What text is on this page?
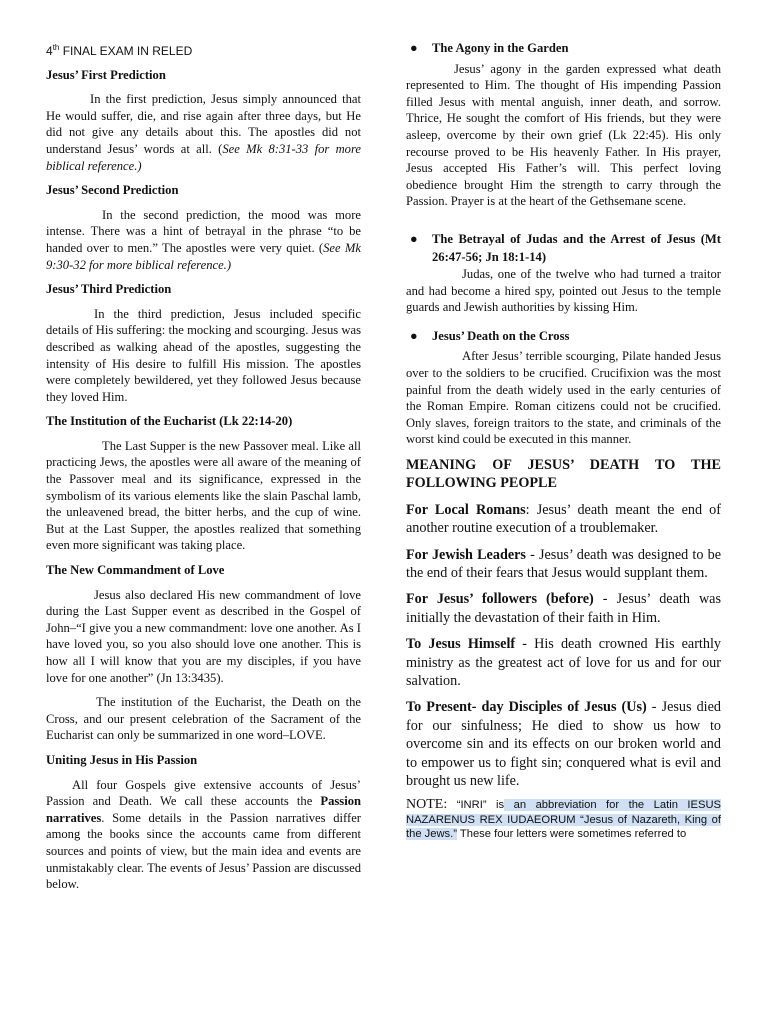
4th FINAL EXAM IN RELED

Jesus’ First Prediction

In the first prediction, Jesus simply announced that He would suffer, die, and rise again after three days, but He did not give any details about this. The apostles did not understand Jesus’ words at all. (See Mk 8:31-33 for more biblical reference.)

Jesus’ Second Prediction

In the second prediction, the mood was more intense. There was a hint of betrayal in the phrase “to be handed over to men.” The apostles were very quiet. (See Mk 9:30-32 for more biblical reference.)

Jesus’ Third Prediction

In the third prediction, Jesus included specific details of His suffering: the mocking and scourging. Jesus was described as walking ahead of the apostles, suggesting the intensity of His desire to fulfill His mission. The apostles were completely bewildered, yet they followed Jesus because they loved Him.

The Institution of the Eucharist (Lk 22:14-20)

The Last Supper is the new Passover meal. Like all practicing Jews, the apostles were all aware of the meaning of the Passover meal and its significance, expressed in the symbolism of its various elements like the slain Paschal lamb, the unleavened bread, the bitter herbs, and the cup of wine. But at the Last Supper, the apostles realized that something even more significant was taking place.

The New Commandment of Love

Jesus also declared His new commandment of love during the Last Supper event as described in the Gospel of John–“I give you a new commandment: love one another. As I have loved you, so you also should love one another. This is how all I will know that you are my disciples, if you have love for one another” (Jn 13:3435).

The institution of the Eucharist, the Death on the Cross, and our present celebration of the Sacrament of the Eucharist can only be summarized in one word–LOVE.

Uniting Jesus in His Passion

All four Gospels give extensive accounts of Jesus’ Passion and Death. We call these accounts the Passion narratives. Some details in the Passion narratives differ among the books since the accounts came from different sources and points of view, but the main idea and events are unmistakably clear. The events of Jesus’ Passion are discussed below.

● The Agony in the Garden

Jesus’ agony in the garden expressed what death represented to Him. The thought of His impending Passion filled Jesus with mental anguish, inner death, and sorrow. Thrice, He sought the comfort of His friends, but they were asleep, overcome by their own grief (Lk 22:45). His only recourse proved to be His heavenly Father. In His prayer, Jesus accepted His Father’s will. This perfect loving obedience brought Him the strength to carry through the Passion. Prayer is at the heart of the Gethsemane scene.

● The Betrayal of Judas and the Arrest of Jesus (Mt 26:47-56; Jn 18:1-14)

Judas, one of the twelve who had turned a traitor and had become a hired spy, pointed out Jesus to the temple guards and Jewish authorities by kissing Him.

● Jesus’ Death on the Cross

After Jesus’ terrible scourging, Pilate handed Jesus over to the soldiers to be crucified. Crucifixion was the most painful from the death widely used in the early centuries of the Roman Empire. Roman citizens could not be crucified. Only slaves, foreign traitors to the state, and criminals of the worst kind could be executed in this manner.

MEANING OF JESUS’ DEATH TO THE FOLLOWING PEOPLE

For Local Romans: Jesus’ death meant the end of another routine execution of a troublemaker.

For Jewish Leaders - Jesus’ death was designed to be the end of their fears that Jesus would supplant them.

For Jesus’ followers (before) - Jesus’ death was initially the devastation of their faith in Him.

To Jesus Himself - His death crowned His earthly ministry as the greatest act of love for us and for our salvation.

To Present- day Disciples of Jesus (Us) - Jesus died for our sinfulness; He died to show us how to overcome sin and its effects on our broken world and to empower us to fight sin; conquered what is evil and brought us new life.

NOTE: “INRI” is an abbreviation for the Latin IESUS NAZARENUS REX IUDAEORUM “Jesus of Nazareth, King of the Jews.” These four letters were sometimes referred to
